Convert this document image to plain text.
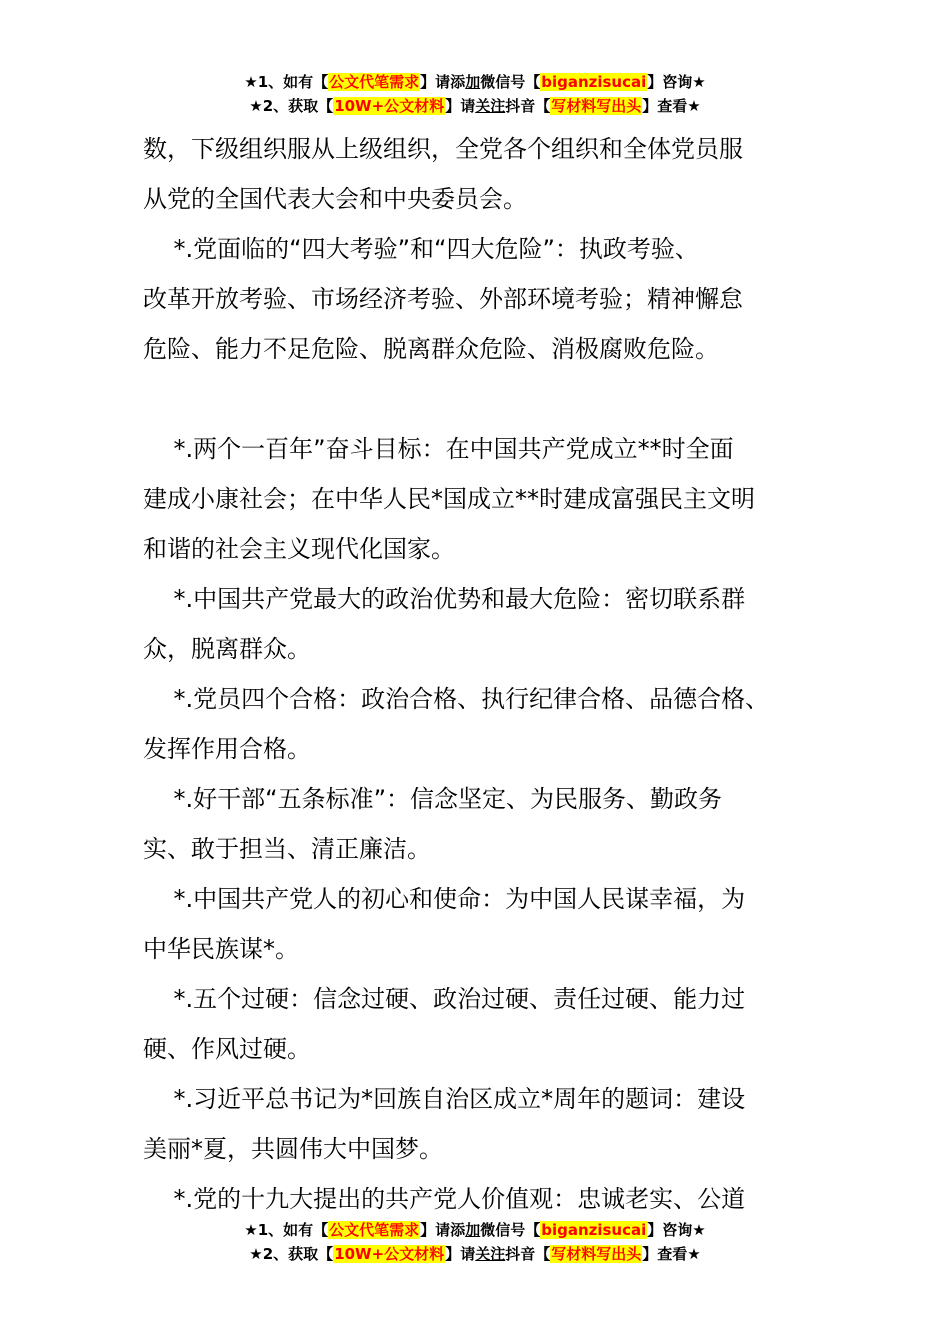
★1、如有【公文代笔需求】请添加微信号【biganzisucai】咨询★
★2、获取【10W+公文材料】请关注抖音【写材料写出头】查看★

数，下级组织服从上级组织，全党各个组织和全体党员服
从党的全国代表大会和中央委员会。

*.党面临的“四大考验”和“四大危险”：执政考验、
改革开放考验、市场经济考验、外部环境考验；精神懈怠
危险、能力不足危险、脱离群众危险、消极腐败危险。

*.两个一百年”奋斗目标：在中国共产党成立**时全面
建成小康社会；在中华人民*国成立**时建成富强民主文明
和谐的社会主义现代化国家。

*.中国共产党最大的政治优势和最大危险：密切联系群
众，脱离群众。

*.党员四个合格：政治合格、执行纪律合格、品德合格、
发挥作用合格。

*.好干部“五条标准”：信念坚定、为民服务、勤政务
实、敢于担当、清正廉洁。

*.中国共产党人的初心和使命：为中国人民谋幸福，为
中华民族谋*。

*.五个过硬：信念过硬、政治过硬、责任过硬、能力过
硬、作风过硬。

*.习近平总书记为*回族自治区成立*周年的题词：建设
美丽*夏，共圆伟大中国梦。

*.党的十九大提出的共产党人价值观：忠诚老实、公道

★1、如有【公文代笔需求】请添加微信号【biganzisucai】咨询★
★2、获取【10W+公文材料】请关注抖音【写材料写出头】查看★
